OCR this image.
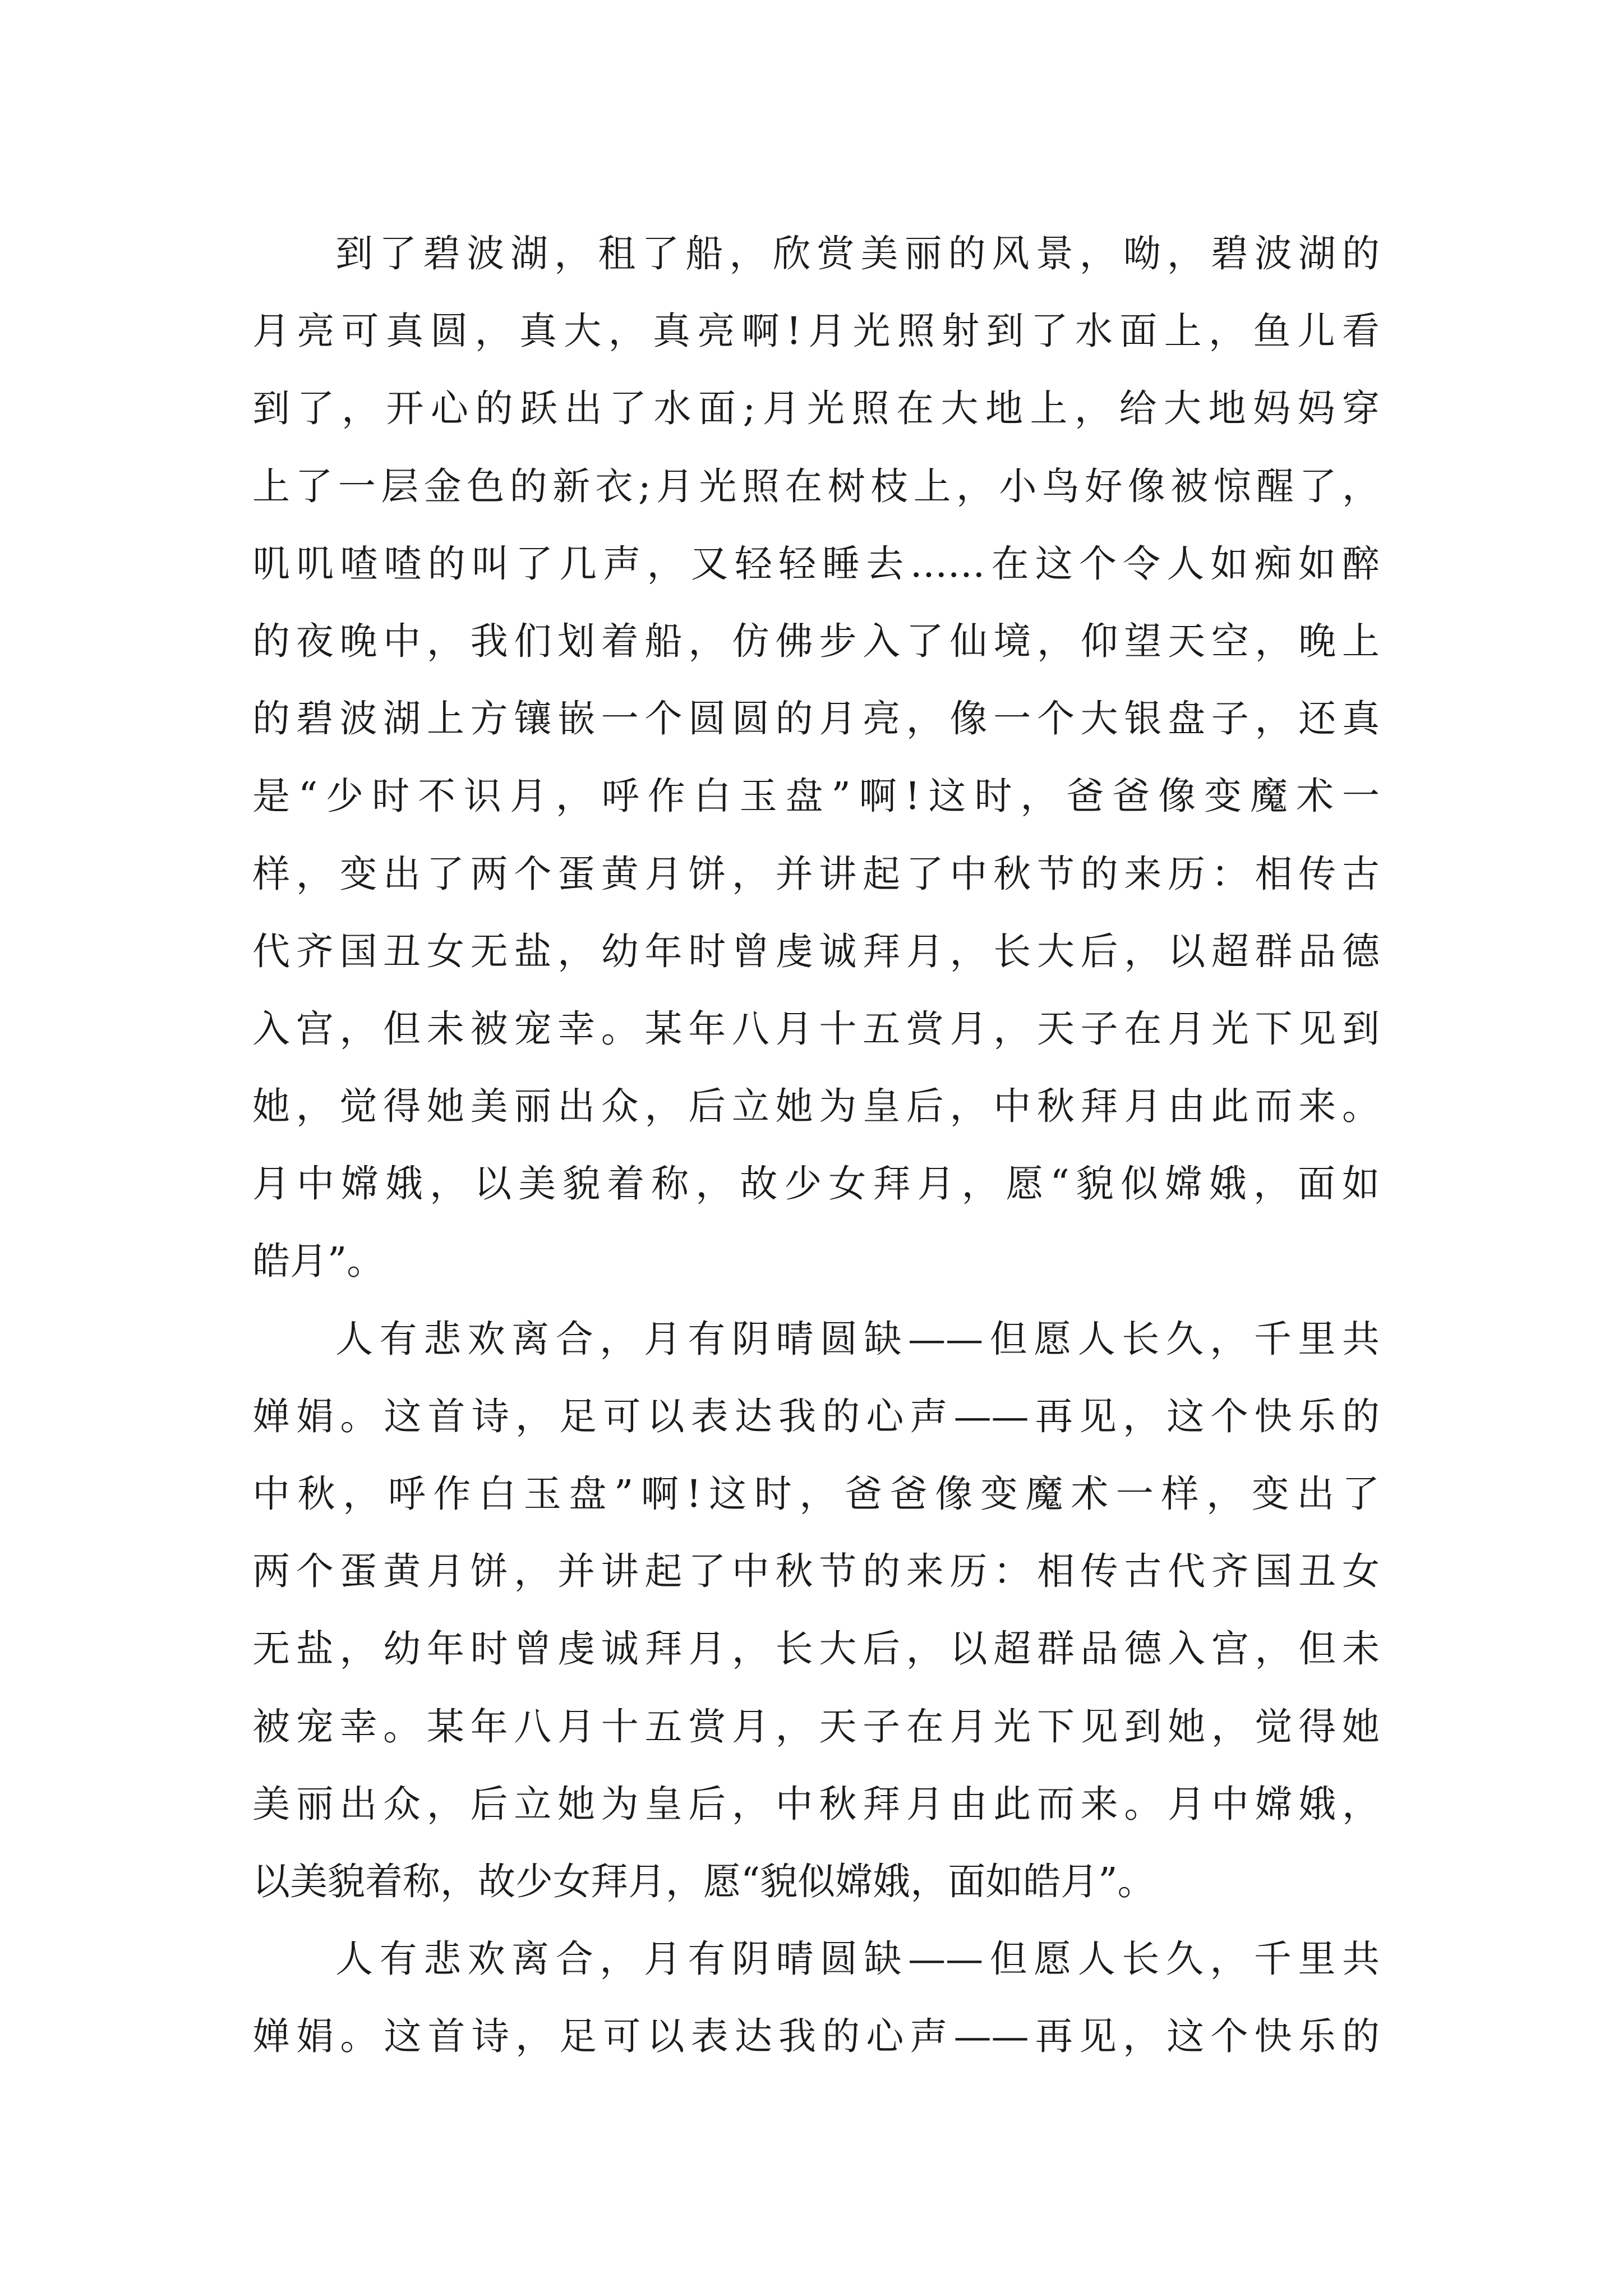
到了碧波湖，租了船，欣赏美丽的风景，呦，碧波湖的
月亮可真圆，真大，真亮啊!月光照射到了水面上，鱼儿看
到了，开心的跃出了水面;月光照在大地上，给大地妈妈穿
上了一层金色的新衣;月光照在树枝上，小鸟好像被惊醒了，
叽叽喳喳的叫了几声，又轻轻睡去……在这个令人如痴如醉
的夜晚中，我们划着船，仿佛步入了仙境，仰望天空，晚上
的碧波湖上方镶嵌一个圆圆的月亮，像一个大银盘子，还真
是“少时不识月，呼作白玉盘”啊!这时，爸爸像变魔术一
样，变出了两个蛋黄月饼，并讲起了中秋节的来历：相传古
代齐国丑女无盐，幼年时曾虔诚拜月，长大后，以超群品德
入宫，但未被宠幸。某年八月十五赏月，天子在月光下见到
她，觉得她美丽出众，后立她为皇后，中秋拜月由此而来。
月中嫦娥，以美貌着称，故少女拜月，愿“貌似嫦娥，面如
皓月”。
人有悲欢离合，月有阴晴圆缺——但愿人长久，千里共
婵娟。这首诗，足可以表达我的心声——再见，这个快乐的
中秋，呼作白玉盘”啊!这时，爸爸像变魔术一样，变出了
两个蛋黄月饼，并讲起了中秋节的来历：相传古代齐国丑女
无盐，幼年时曾虔诚拜月，长大后，以超群品德入宫，但未
被宠幸。某年八月十五赏月，天子在月光下见到她，觉得她
美丽出众，后立她为皇后，中秋拜月由此而来。月中嫦娥，
以美貌着称，故少女拜月，愿“貌似嫦娥，面如皓月”。
人有悲欢离合，月有阴晴圆缺——但愿人长久，千里共
婵娟。这首诗，足可以表达我的心声——再见，这个快乐的
